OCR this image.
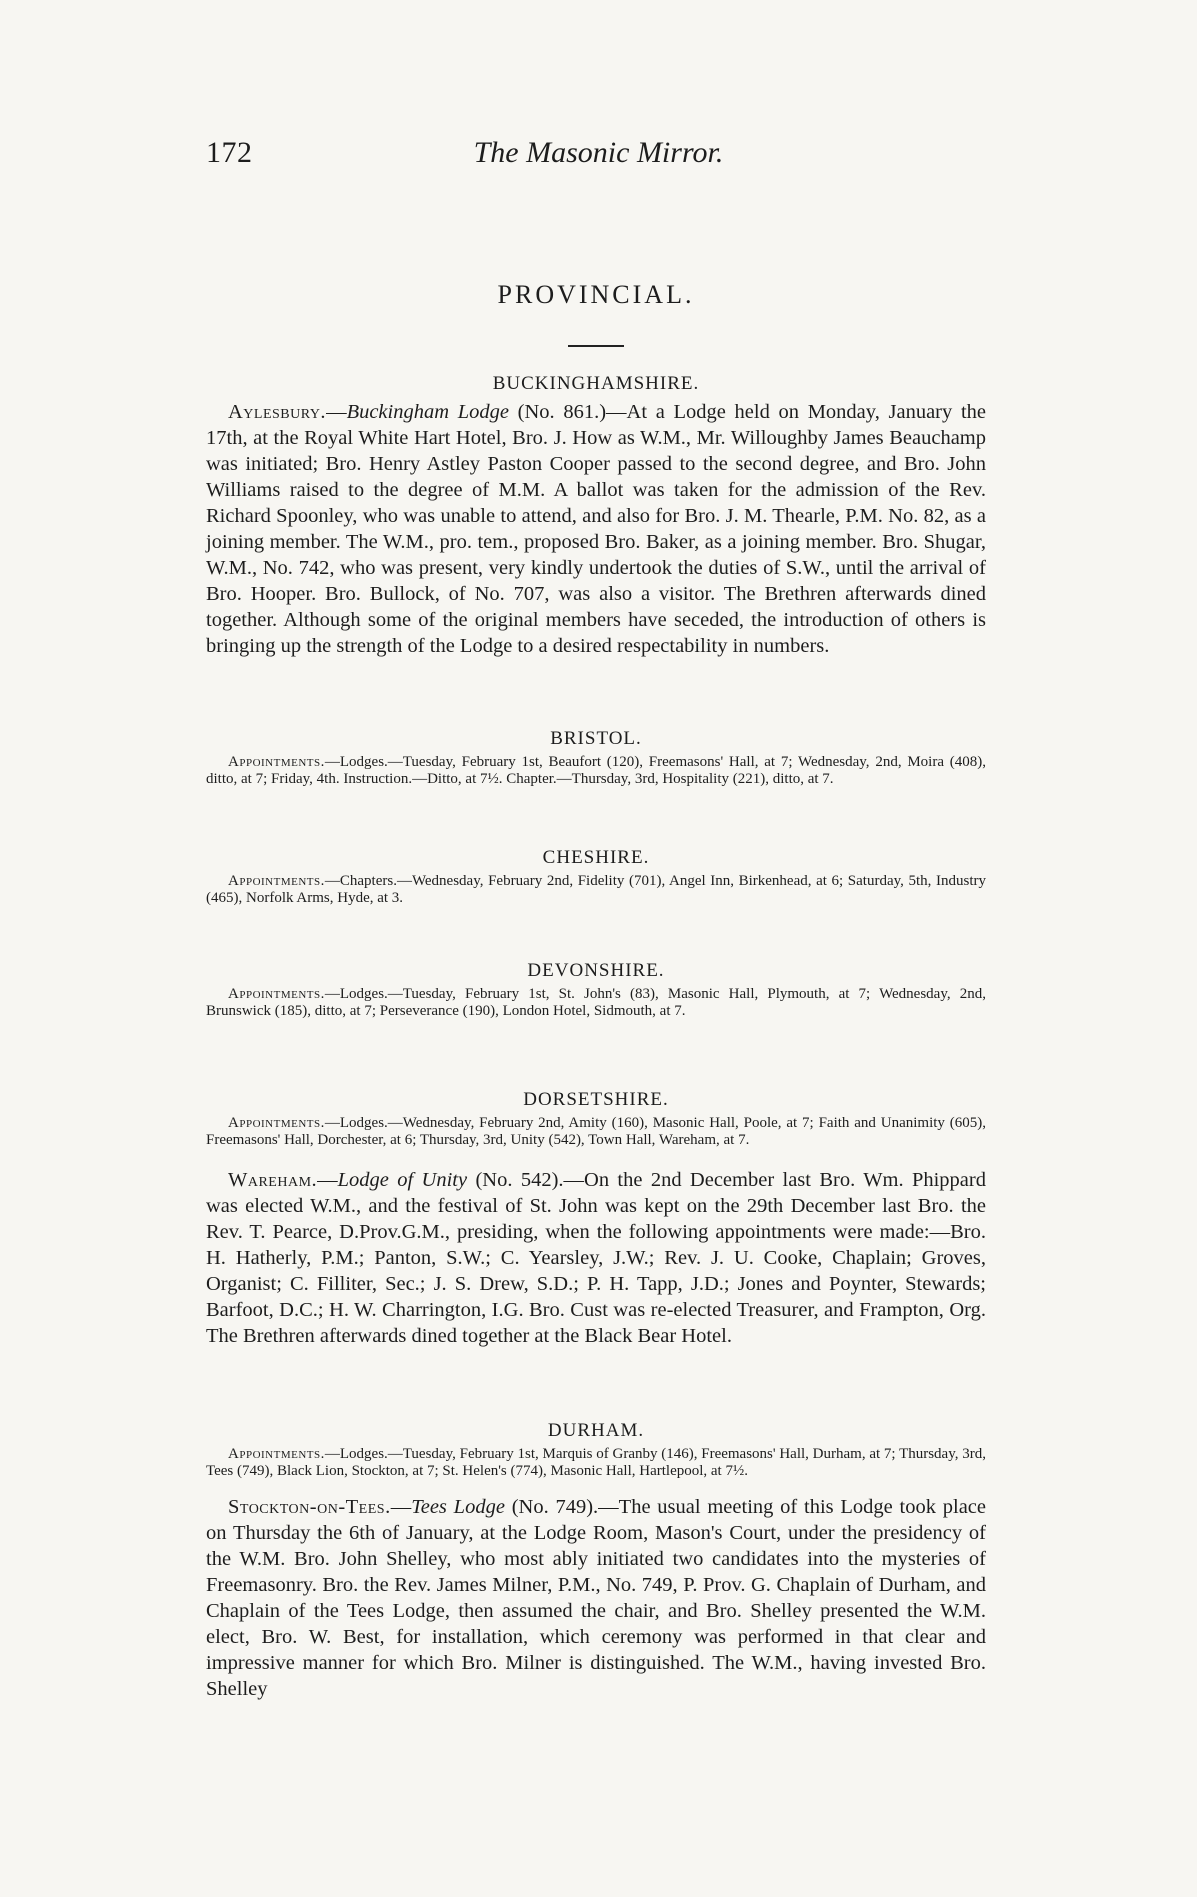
172	The Masonic Mirror.
PROVINCIAL.
BUCKINGHAMSHIRE.

Aylesbury.—Buckingham Lodge (No. 861.)—At a Lodge held on Monday, January the 17th, at the Royal White Hart Hotel, Bro. J. How as W.M., Mr. Willoughby James Beauchamp was initiated; Bro. Henry Astley Paston Cooper passed to the second degree, and Bro. John Williams raised to the degree of M.M. A ballot was taken for the admission of the Rev. Richard Spoonley, who was unable to attend, and also for Bro. J. M. Thearle, P.M. No. 82, as a joining member. The W.M., pro. tem., proposed Bro. Baker, as a joining member. Bro. Shugar, W.M., No. 742, who was present, very kindly undertook the duties of S.W., until the arrival of Bro. Hooper. Bro. Bullock, of No. 707, was also a visitor. The Brethren afterwards dined together. Although some of the original members have seceded, the introduction of others is bringing up the strength of the Lodge to a desired respectability in numbers.

BRISTOL.

Appointments.—Lodges.—Tuesday, February 1st, Beaufort (120), Freemasons' Hall, at 7; Wednesday, 2nd, Moira (408), ditto, at 7; Friday, 4th. Instruction.—Ditto, at 7½. Chapter.—Thursday, 3rd, Hospitality (221), ditto, at 7.

CHESHIRE.

Appointments.—Chapters.—Wednesday, February 2nd, Fidelity (701), Angel Inn, Birkenhead, at 6; Saturday, 5th, Industry (465), Norfolk Arms, Hyde, at 3.

DEVONSHIRE.

Appointments.—Lodges.—Tuesday, February 1st, St. John's (83), Masonic Hall, Plymouth, at 7; Wednesday, 2nd, Brunswick (185), ditto, at 7; Perseverance (190), London Hotel, Sidmouth, at 7.

DORSETSHIRE.

Appointments.—Lodges.—Wednesday, February 2nd, Amity (160), Masonic Hall, Poole, at 7; Faith and Unanimity (605), Freemasons' Hall, Dorchester, at 6; Thursday, 3rd, Unity (542), Town Hall, Wareham, at 7.

Wareham.—Lodge of Unity (No. 542).—On the 2nd December last Bro. Wm. Phippard was elected W.M., and the festival of St. John was kept on the 29th December last Bro. the Rev. T. Pearce, D.Prov.G.M., presiding, when the following appointments were made:—Bro. H. Hatherly, P.M.; Panton, S.W.; C. Yearsley, J.W.; Rev. J. U. Cooke, Chaplain; Groves, Organist; C. Filliter, Sec.; J. S. Drew, S.D.; P. H. Tapp, J.D.; Jones and Poynter, Stewards; Barfoot, D.C.; H. W. Charrington, I.G. Bro. Cust was re-elected Treasurer, and Frampton, Org. The Brethren afterwards dined together at the Black Bear Hotel.

DURHAM.

Appointments.—Lodges.—Tuesday, February 1st, Marquis of Granby (146), Freemasons' Hall, Durham, at 7; Thursday, 3rd, Tees (749), Black Lion, Stockton, at 7; St. Helen's (774), Masonic Hall, Hartlepool, at 7½.

Stockton-on-Tees.—Tees Lodge (No. 749).—The usual meeting of this Lodge took place on Thursday the 6th of January, at the Lodge Room, Mason's Court, under the presidency of the W.M. Bro. John Shelley, who most ably initiated two candidates into the mysteries of Freemasonry. Bro. the Rev. James Milner, P.M., No. 749, P. Prov. G. Chaplain of Durham, and Chaplain of the Tees Lodge, then assumed the chair, and Bro. Shelley presented the W.M. elect, Bro. W. Best, for installation, which ceremony was performed in that clear and impressive manner for which Bro. Milner is distinguished. The W.M., having invested Bro. Shelley
